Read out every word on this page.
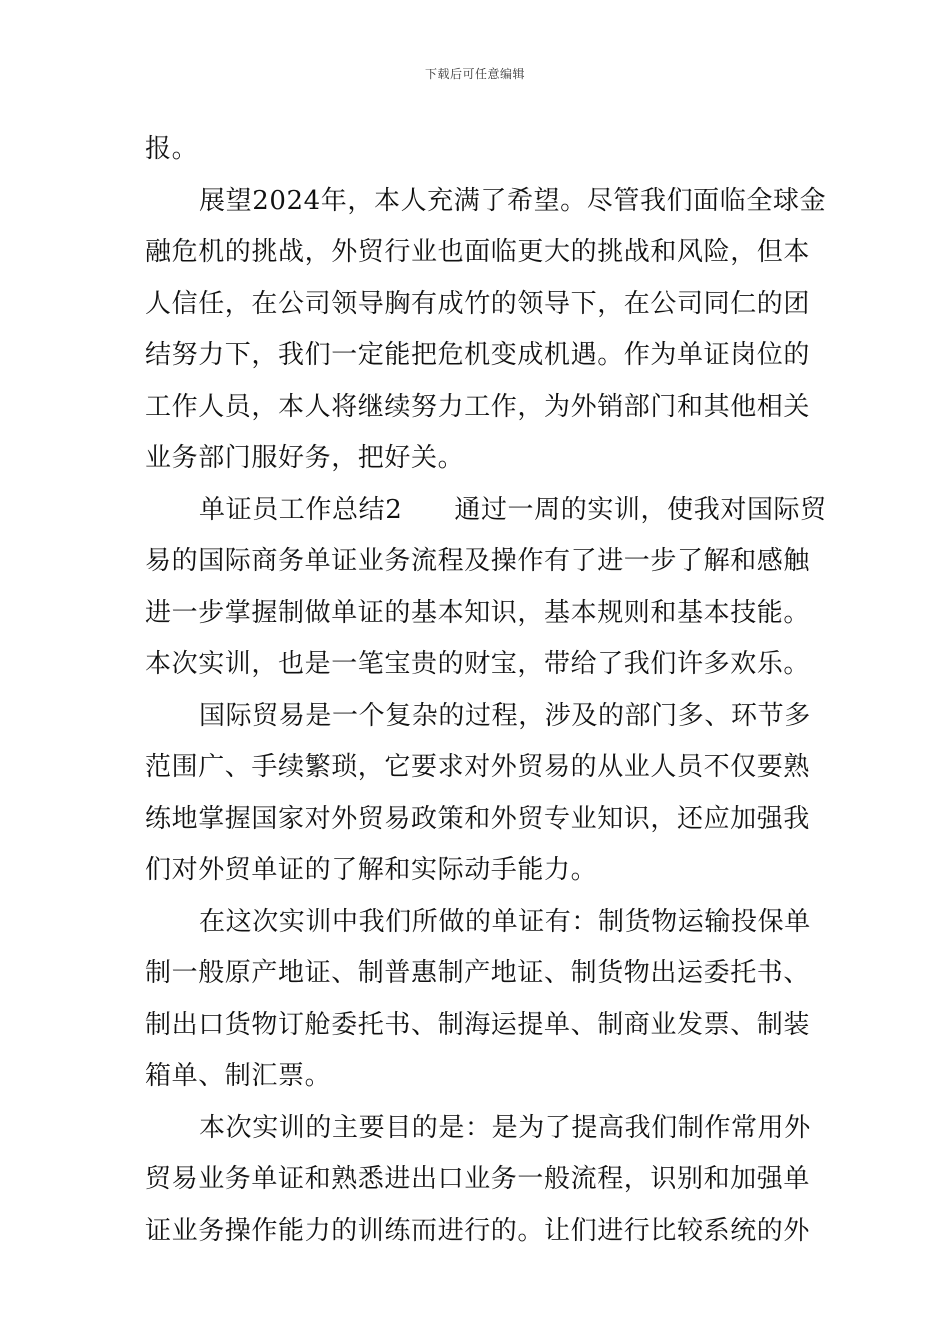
下载后可任意编辑
报。
展望2024年，本人充满了希望。尽管我们面临全球金
融危机的挑战，外贸行业也面临更大的挑战和风险，但本
人信任，在公司领导胸有成竹的领导下，在公司同仁的团
结努力下，我们一定能把危机变成机遇。作为单证岗位的
工作人员，本人将继续努力工作，为外销部门和其他相关
业务部门服好务，把好关。
单证员工作总结2 通过一周的实训，使我对国际贸
易的国际商务单证业务流程及操作有了进一步了解和感触
进一步掌握制做单证的基本知识，基本规则和基本技能。
本次实训，也是一笔宝贵的财宝，带给了我们许多欢乐。
国际贸易是一个复杂的过程，涉及的部门多、环节多
范围广、手续繁琐，它要求对外贸易的从业人员不仅要熟
练地掌握国家对外贸易政策和外贸专业知识，还应加强我
们对外贸单证的了解和实际动手能力。
在这次实训中我们所做的单证有：制货物运输投保单
制一般原产地证、制普惠制产地证、制货物出运委托书、
制出口货物订舱委托书、制海运提单、制商业发票、制装
箱单、制汇票。
本次实训的主要目的是：是为了提高我们制作常用外
贸易业务单证和熟悉进出口业务一般流程，识别和加强单
证业务操作能力的训练而进行的。让们进行比较系统的外
